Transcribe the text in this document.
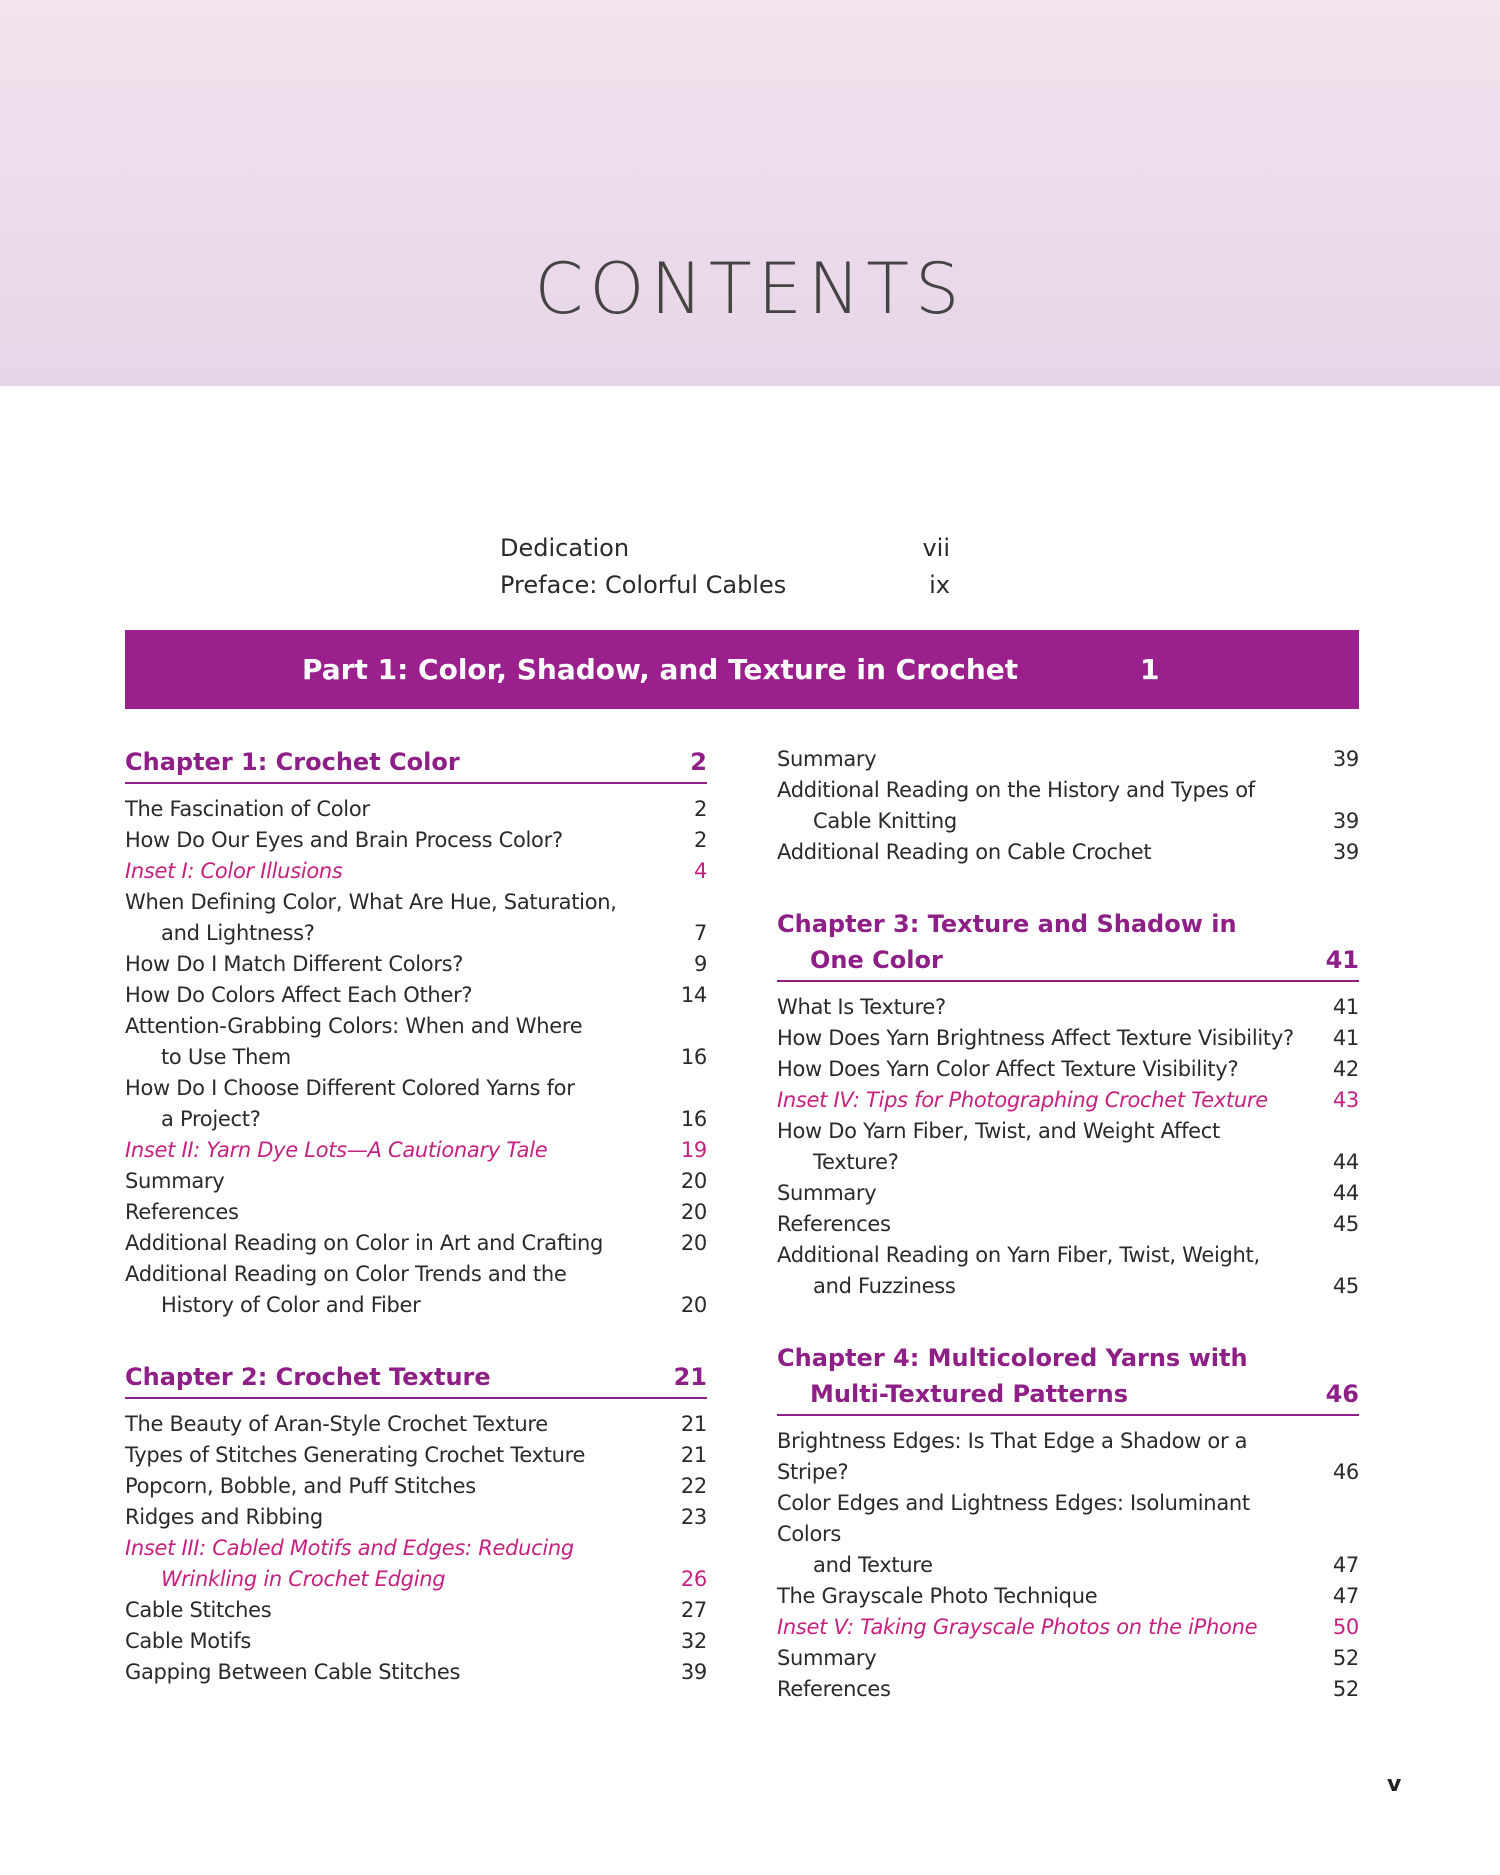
CONTENTS
Dedication	vii
Preface: Colorful Cables	ix
Part 1: Color, Shadow, and Texture in Crochet	1
Chapter 1: Crochet Color	2
The Fascination of Color	2
How Do Our Eyes and Brain Process Color?	2
Inset I: Color Illusions	4
When Defining Color, What Are Hue, Saturation,
and Lightness?	7
How Do I Match Different Colors?	9
How Do Colors Affect Each Other?	14
Attention-Grabbing Colors: When and Where
to Use Them	16
How Do I Choose Different Colored Yarns for
a Project?	16
Inset II: Yarn Dye Lots—A Cautionary Tale	19
Summary	20
References	20
Additional Reading on Color in Art and Crafting	20
Additional Reading on Color Trends and the
History of Color and Fiber	20
Chapter 2: Crochet Texture	21
The Beauty of Aran-Style Crochet Texture	21
Types of Stitches Generating Crochet Texture	21
Popcorn, Bobble, and Puff Stitches	22
Ridges and Ribbing	23
Inset III: Cabled Motifs and Edges: Reducing
Wrinkling in Crochet Edging	26
Cable Stitches	27
Cable Motifs	32
Gapping Between Cable Stitches	39
Summary	39
Additional Reading on the History and Types of
Cable Knitting	39
Additional Reading on Cable Crochet	39
Chapter 3: Texture and Shadow in
One Color	41
What Is Texture?	41
How Does Yarn Brightness Affect Texture Visibility?	41
How Does Yarn Color Affect Texture Visibility?	42
Inset IV: Tips for Photographing Crochet Texture	43
How Do Yarn Fiber, Twist, and Weight Affect
Texture?	44
Summary	44
References	45
Additional Reading on Yarn Fiber, Twist, Weight,
and Fuzziness	45
Chapter 4: Multicolored Yarns with
Multi-Textured Patterns	46
Brightness Edges: Is That Edge a Shadow or a Stripe?	46
Color Edges and Lightness Edges: Isoluminant Colors
and Texture	47
The Grayscale Photo Technique	47
Inset V: Taking Grayscale Photos on the iPhone	50
Summary	52
References	52
v
